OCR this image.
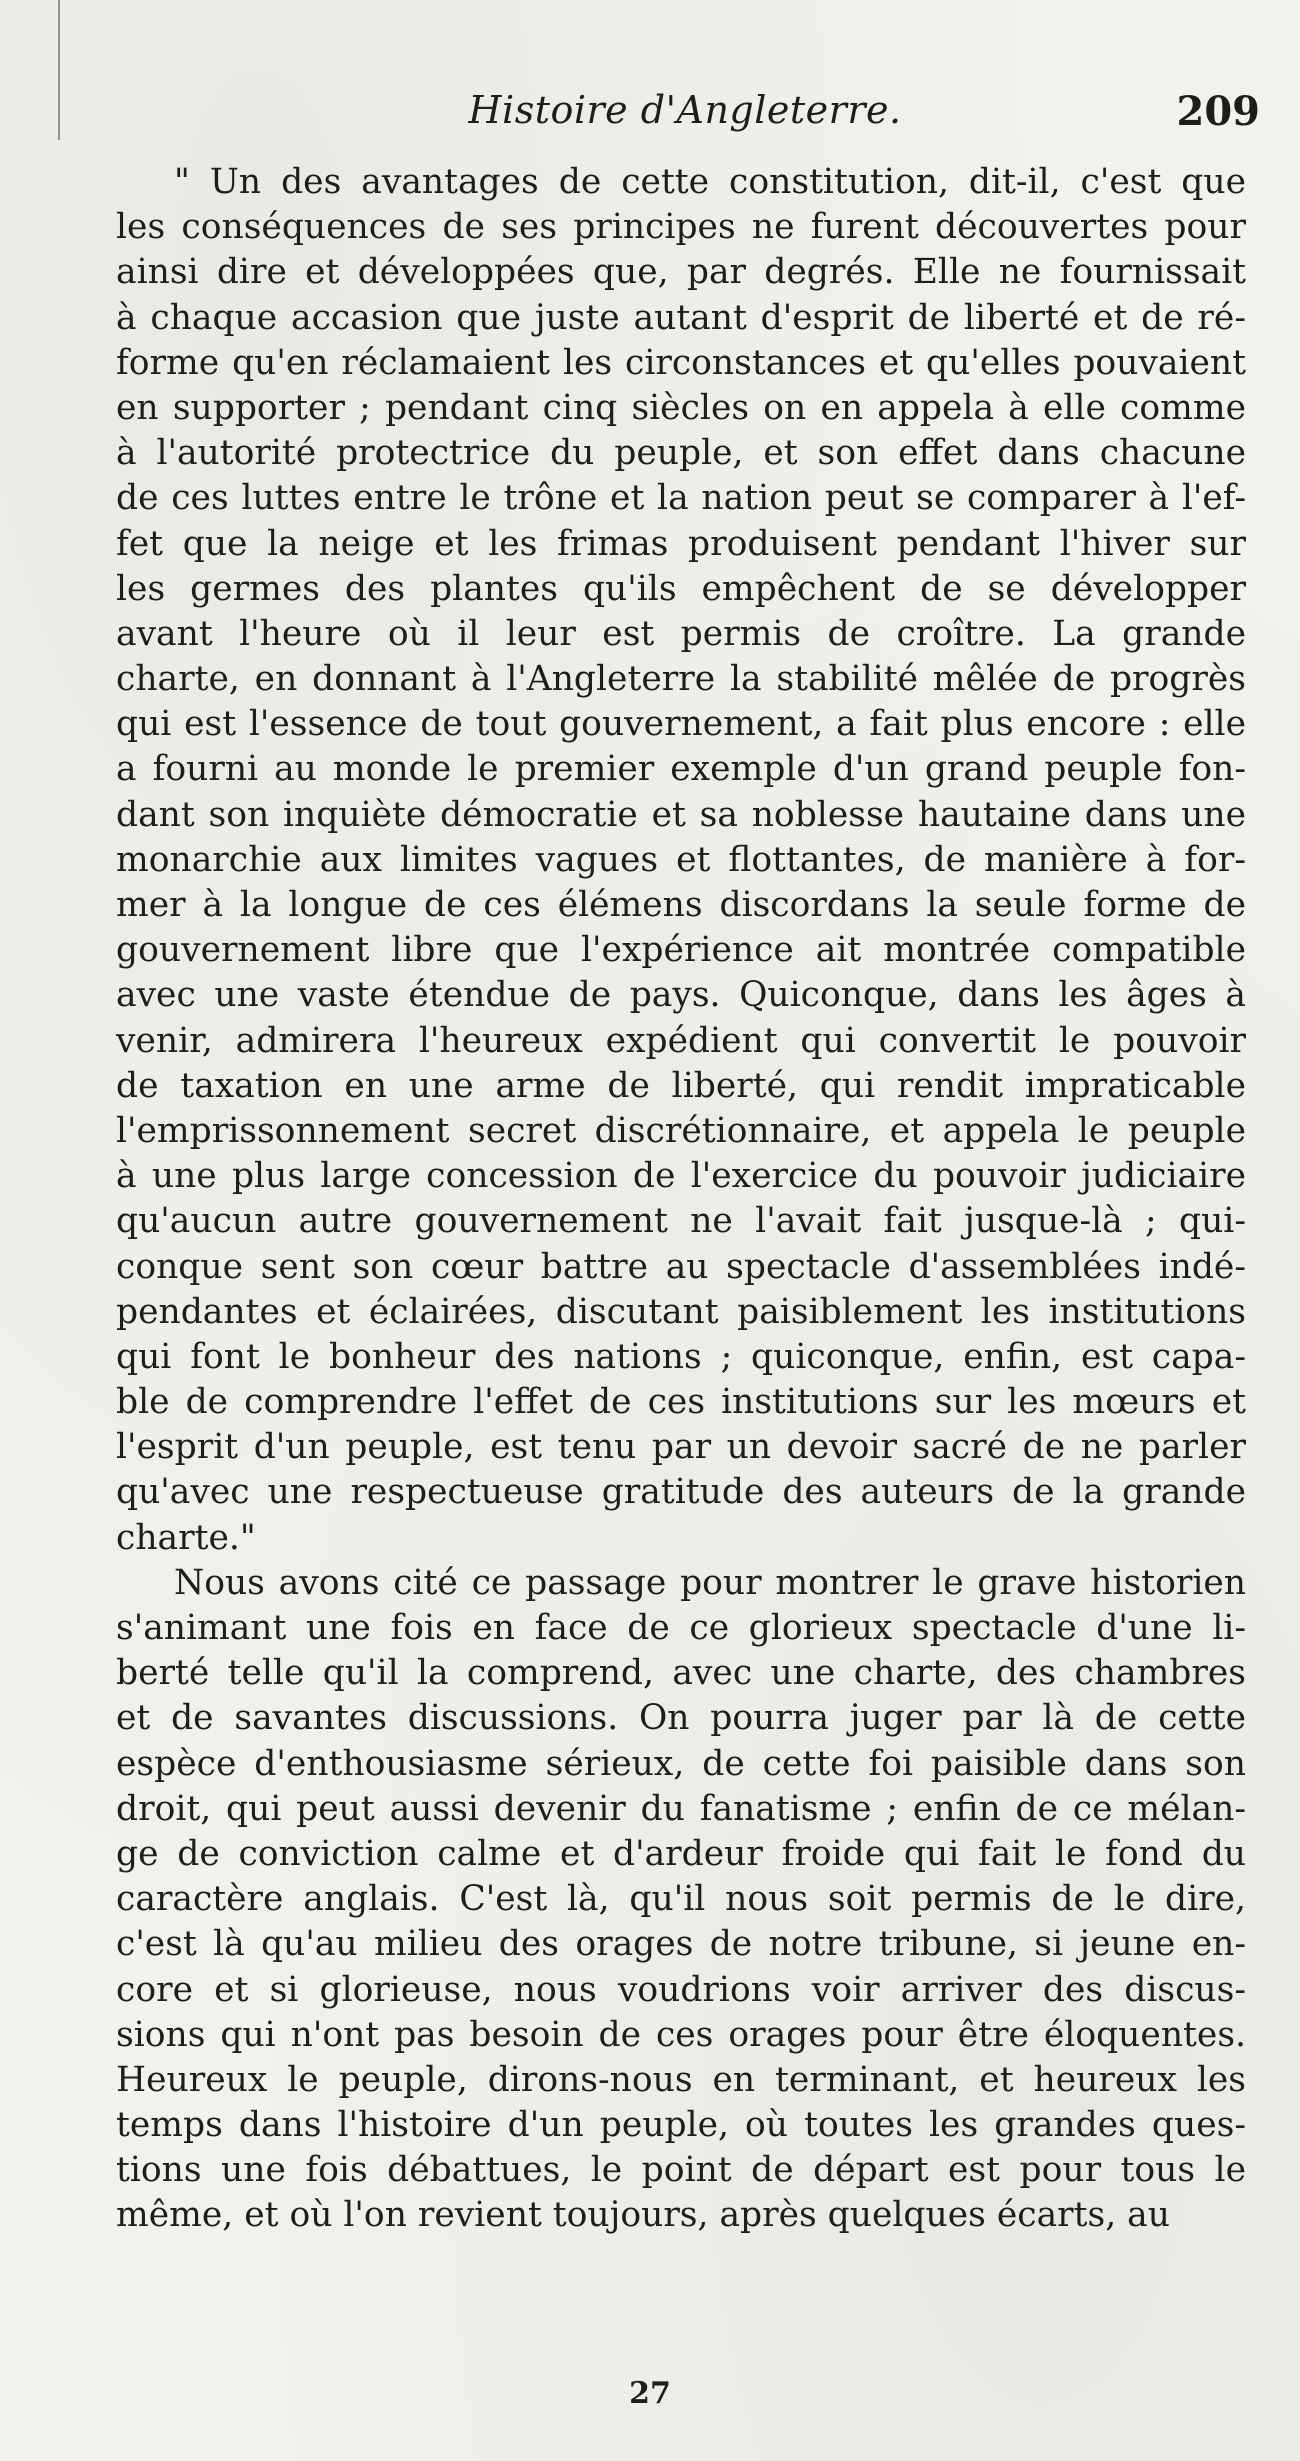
Histoire d'Angleterre.	209
" Un des avantages de cette constitution, dit-il, c'est que
les conséquences de ses principes ne furent découvertes pour
ainsi dire et développées que, par degrés. Elle ne fournissait
à chaque accasion que juste autant d'esprit de liberté et de ré-
forme qu'en réclamaient les circonstances et qu'elles pouvaient
en supporter ; pendant cinq siècles on en appela à elle comme
à l'autorité protectrice du peuple, et son effet dans chacune
de ces luttes entre le trône et la nation peut se comparer à l'ef-
fet que la neige et les frimas produisent pendant l'hiver sur
les germes des plantes qu'ils empêchent de se développer
avant l'heure où il leur est permis de croître. La grande
charte, en donnant à l'Angleterre la stabilité mêlée de progrès
qui est l'essence de tout gouvernement, a fait plus encore : elle
a fourni au monde le premier exemple d'un grand peuple fon-
dant son inquiète démocratie et sa noblesse hautaine dans une
monarchie aux limites vagues et flottantes, de manière à for-
mer à la longue de ces élémens discordans la seule forme de
gouvernement libre que l'expérience ait montrée compatible
avec une vaste étendue de pays. Quiconque, dans les âges à
venir, admirera l'heureux expédient qui convertit le pouvoir
de taxation en une arme de liberté, qui rendit impraticable
l'emprissonnement secret discrétionnaire, et appela le peuple
à une plus large concession de l'exercice du pouvoir judiciaire
qu'aucun autre gouvernement ne l'avait fait jusque-là ; qui-
conque sent son cœur battre au spectacle d'assemblées indé-
pendantes et éclairées, discutant paisiblement les institutions
qui font le bonheur des nations ; quiconque, enfin, est capa-
ble de comprendre l'effet de ces institutions sur les mœurs et
l'esprit d'un peuple, est tenu par un devoir sacré de ne parler
qu'avec une respectueuse gratitude des auteurs de la grande
charte."
Nous avons cité ce passage pour montrer le grave historien
s'animant une fois en face de ce glorieux spectacle d'une li-
berté telle qu'il la comprend, avec une charte, des chambres
et de savantes discussions. On pourra juger par là de cette
espèce d'enthousiasme sérieux, de cette foi paisible dans son
droit, qui peut aussi devenir du fanatisme ; enfin de ce mélan-
ge de conviction calme et d'ardeur froide qui fait le fond du
caractère anglais. C'est là, qu'il nous soit permis de le dire,
c'est là qu'au milieu des orages de notre tribune, si jeune en-
core et si glorieuse, nous voudrions voir arriver des discus-
sions qui n'ont pas besoin de ces orages pour être éloquentes.
Heureux le peuple, dirons-nous en terminant, et heureux les
temps dans l'histoire d'un peuple, où toutes les grandes ques-
tions une fois débattues, le point de départ est pour tous le
même, et où l'on revient toujours, après quelques écarts, au
27
